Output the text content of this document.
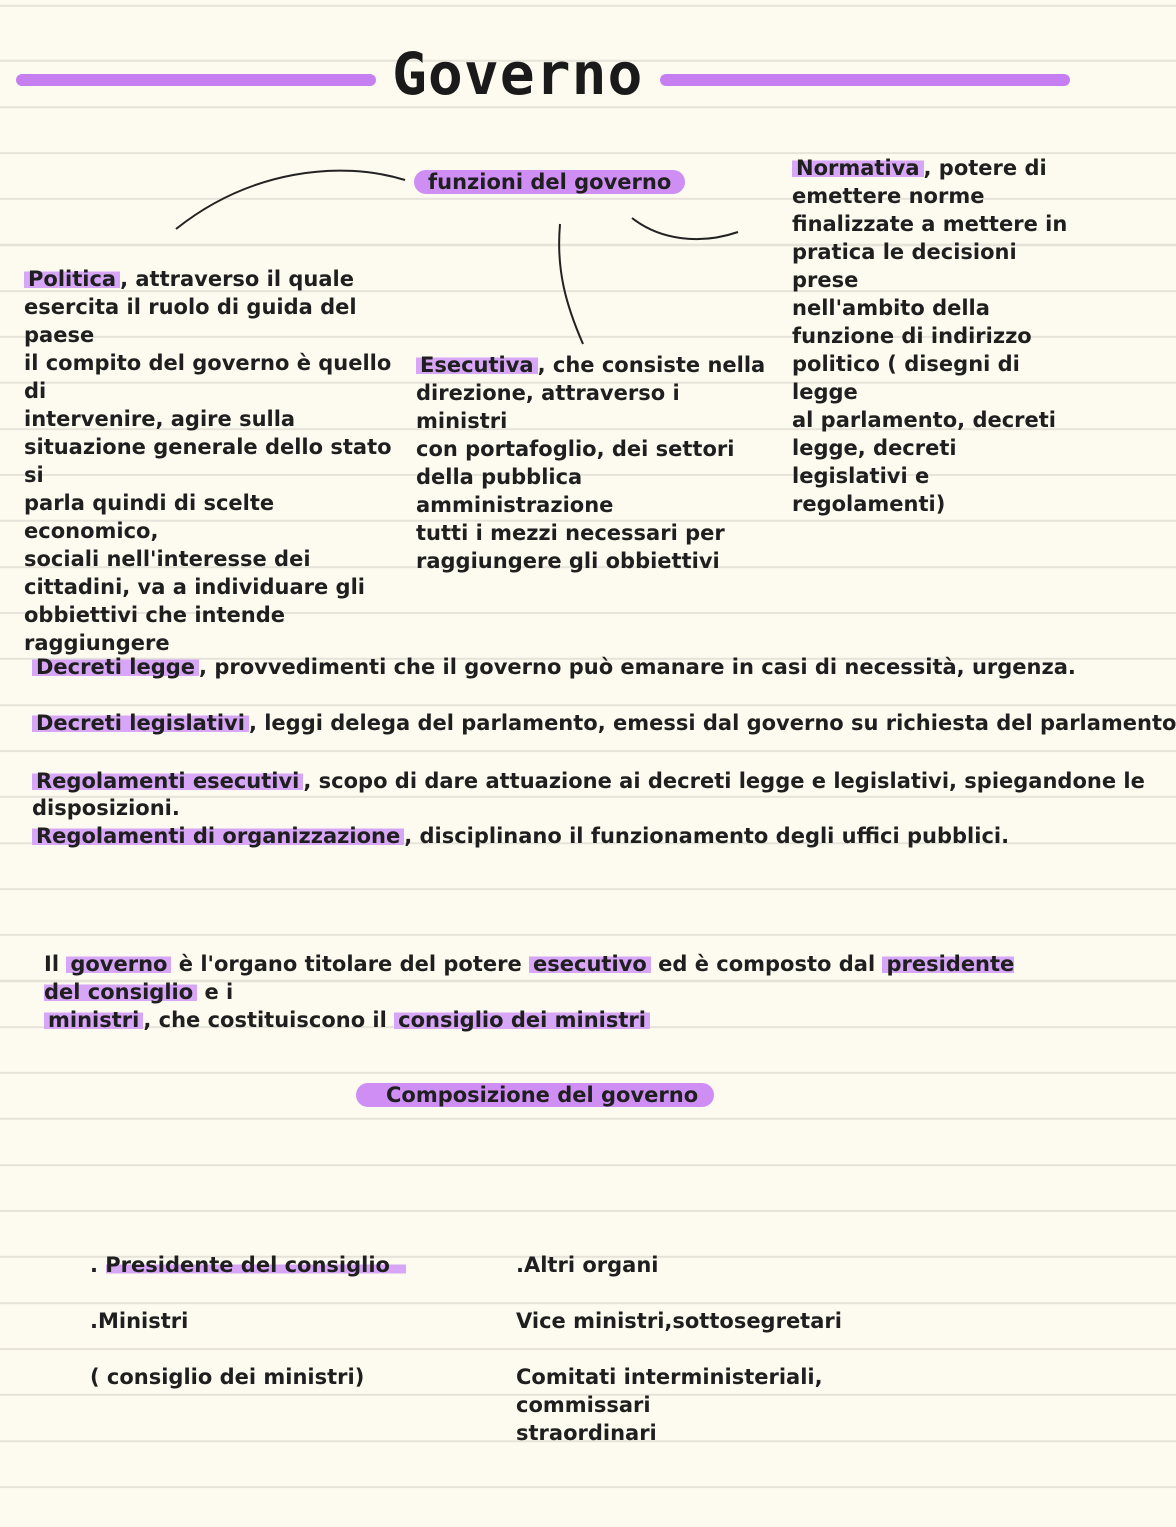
Governo
funzioni del governo
Politica , attraverso il quale
esercita il ruolo di guida del paese
il compito del governo è quello di
intervenire, agire sulla
situazione generale dello stato si
parla quindi di scelte economico,
sociali nell'interesse dei
cittadini, va a individuare gli
obbiettivi che intende
raggiungere
Esecutiva , che consiste nella
direzione, attraverso i ministri
con portafoglio, dei settori
della pubblica amministrazione
tutti i mezzi necessari per
raggiungere gli obbiettivi
Normativa , potere di
emettere norme
finalizzate a mettere in
pratica le decisioni prese
nell'ambito della
funzione di indirizzo
politico ( disegni di legge
al parlamento, decreti
legge, decreti legislativi e
regolamenti)
Decreti legge , provvedimenti che il governo può emanare in casi di necessità, urgenza.
Decreti legislativi , leggi delega del parlamento, emessi dal governo su richiesta del parlamento
Regolamenti esecutivi , scopo di dare attuazione ai decreti legge e legislativi, spiegandone le
disposizioni.
Regolamenti di organizzazione , disciplinano il funzionamento degli uffici pubblici.
Il governo è l'organo titolare del potere esecutivo ed è composto dal presidente del consiglio e i
ministri , che costituiscono il consiglio dei ministri
Composizione del governo

. Presidente del consiglio

.Ministri

( consiglio dei ministri)

.Altri organi

Vice ministri,sottosegretari

Comitati interministeriali, commissari
straordinari
